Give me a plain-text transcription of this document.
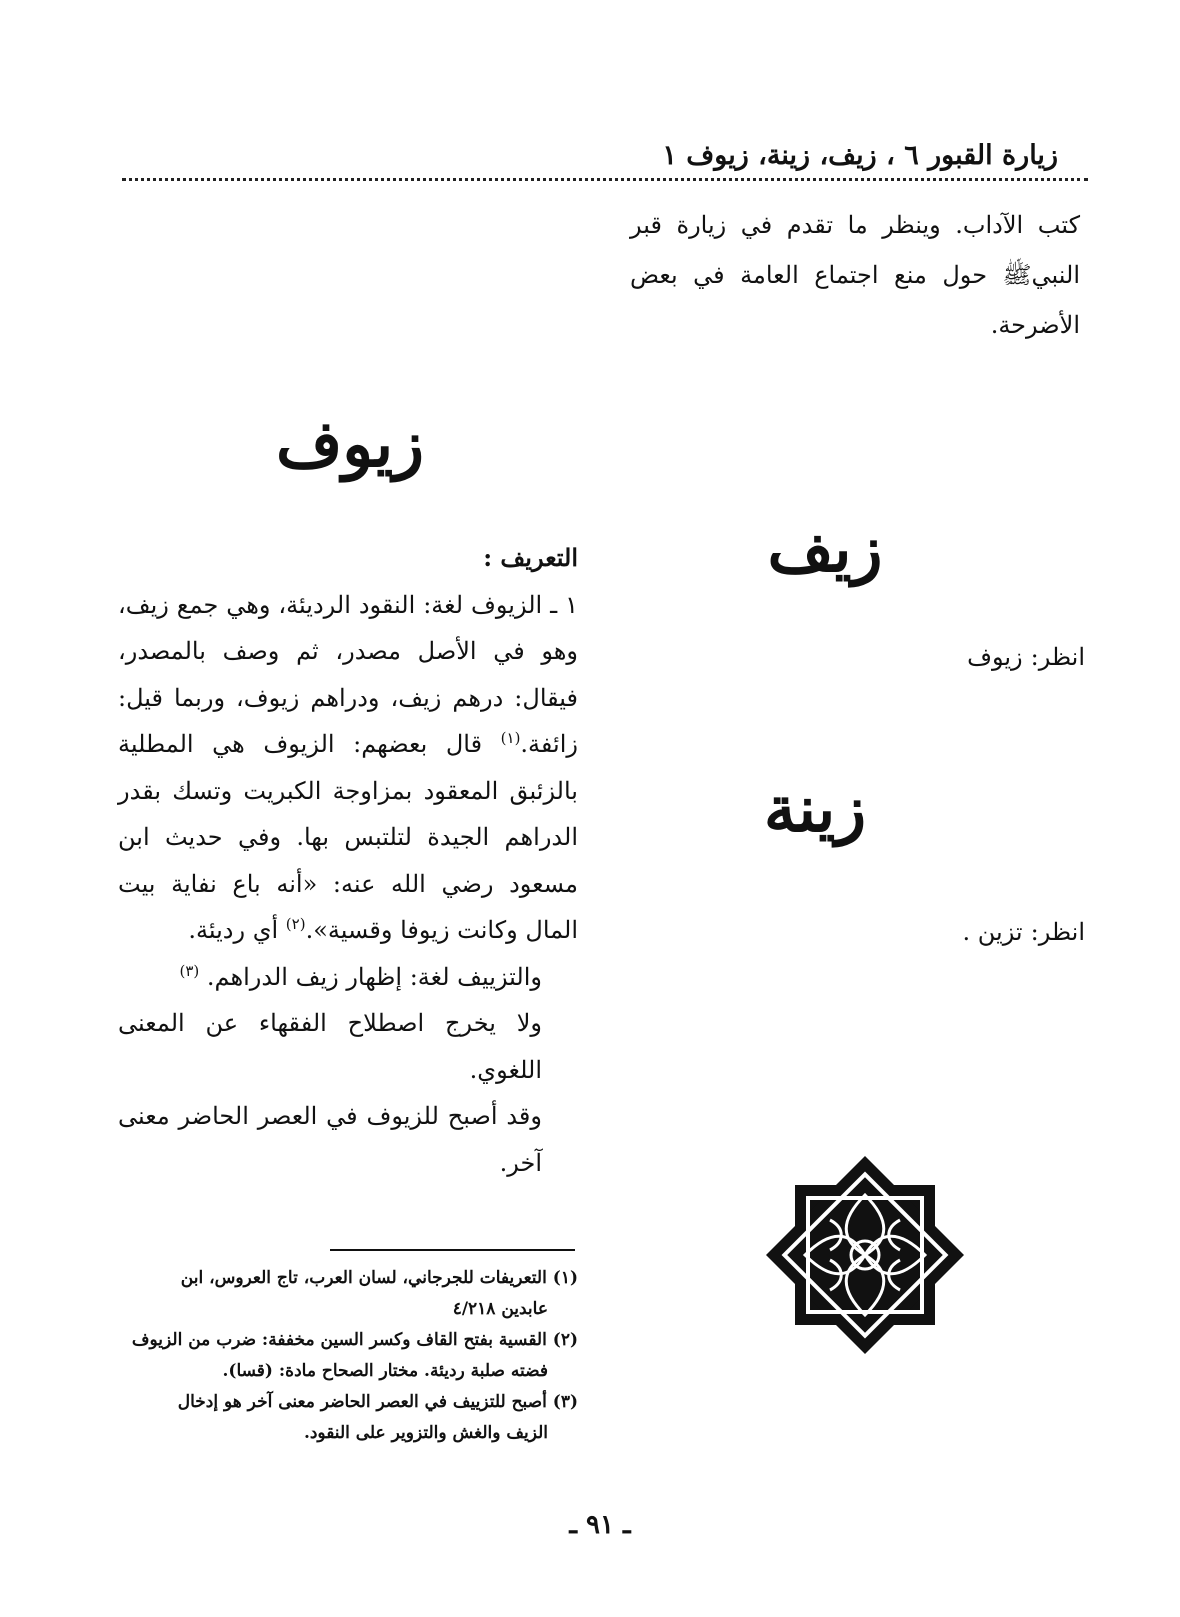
زيارة القبور ٦ ، زيف، زينة، زيوف ١
كتب الآداب. وينظر ما تقدم في زيارة قبر النبيﷺ حول منع اجتماع العامة في بعض الأضرحة.
زيوف
زيف
انظر:زيوف
زينة
انظر:تزين .

التعريف :

١ ـ الزيوف لغة: النقود الرديئة، وهي جمع زيف، وهو في الأصل مصدر، ثم وصف بالمصدر، فيقال: درهم زيف، ودراهم زيوف، وربما قيل: زائفة.$^{(١)}$ قال بعضهم: الزيوف هي المطلية بالزئبق المعقود بمزاوجة الكبريت وتسك بقدر الدراهم الجيدة لتلتبس بها. وفي حديث ابن مسعود رضي الله عنه: «أنه باع نفاية بيت المال وكانت زيوفا وقسية».$^{(٢)}$ أي رديئة.

والتزييف لغة: إظهار زيف الدراهم. $^{(٣)}$

ولا يخرج اصطلاح الفقهاء عن المعنى اللغوي.

وقد أصبح للزيوف في العصر الحاضر معنى آخر.

(١) التعريفات للجرجاني، لسان العرب، تاج العروس، ابن

عابدين ٤/٢١٨

(٢) القسية بفتح القاف وكسر السين مخففة: ضرب من الزيوف

فضته صلبة رديئة. مختار الصحاح مادة: (قسا).

(٣) أصبح للتزييف في العصر الحاضر معنى آخر هو إدخال

الزيف والغش والتزوير على النقود.

ـ ٩١ ـ
